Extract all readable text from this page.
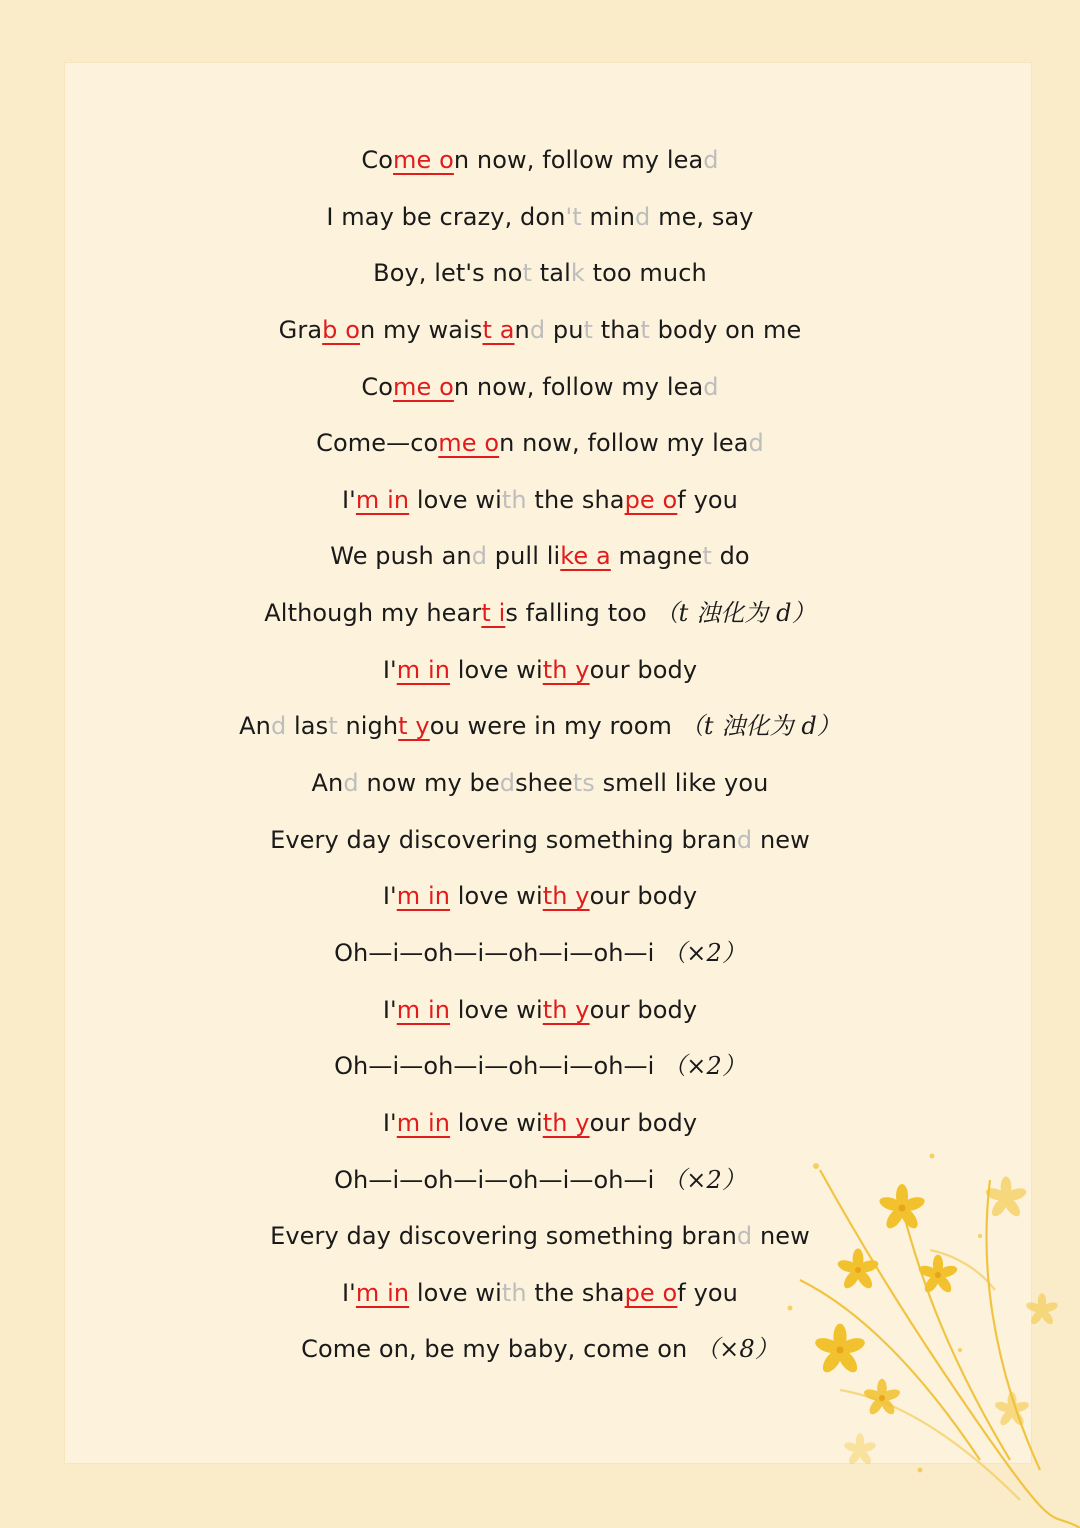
Come on now, follow my lead
I may be crazy, don't mind me, say
Boy, let's not talk too much
Grab on my waist and put that body on me
Come on now, follow my lead
Come—come on now, follow my lead
I'm in love with the shape of you
We push and pull like a magnet do
Although my heart is falling too （t 浊化为 d）
I'm in love with your body
And last night you were in my room （t 浊化为 d）
And now my bedsheets smell like you
Every day discovering something brand new
I'm in love with your body
Oh—i—oh—i—oh—i—oh—i （×2）
I'm in love with your body
Oh—i—oh—i—oh—i—oh—i （×2）
I'm in love with your body
Oh—i—oh—i—oh—i—oh—i （×2）
Every day discovering something brand new
I'm in love with the shape of you
Come on, be my baby, come on （×8）
